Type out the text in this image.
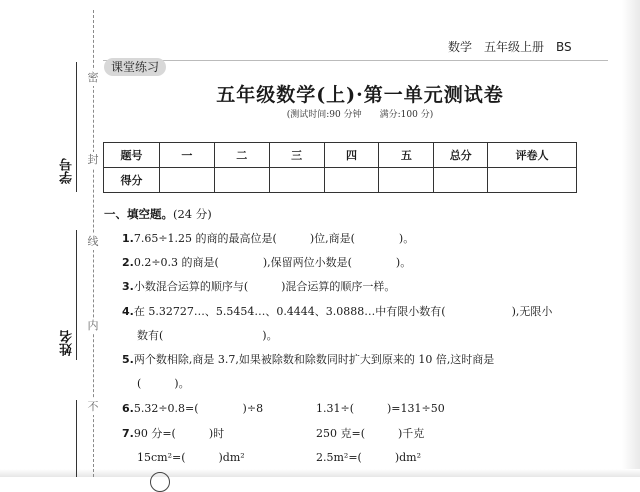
密
封
线
内
不
学号
姓名
数学　五年级上册　BS
课堂练习
五年级数学(上)·第一单元测试卷
(测试时间:90 分钟　　满分:100 分)
题号	一	二	三	四	五	总分	评卷人
得分							
一、填空题。(24 分)
1.7.65÷1.25 的商的最高位是(　　　)位,商是(　　　　)。
2.0.2÷0.3 的商是(　　　　),保留两位小数是(　　　　)。
3.小数混合运算的顺序与(　　　)混合运算的顺序一样。
4.在 5.32727…、5.5454…、0.4444、3.0888…中有限小数有(　　　　　　),无限小
数有(　　　　　　　　　)。
5.两个数相除,商是 3.7,如果被除数和除数同时扩大到原来的 10 倍,这时商是
(　　　)。
6.5.32÷0.8=(　　　　)÷8	1.31÷(　　　)=131÷50
7.90 分=(　　　)时	250 克=(　　　)千克
15cm²=(　　　)dm²	2.5m²=(　　　)dm²
